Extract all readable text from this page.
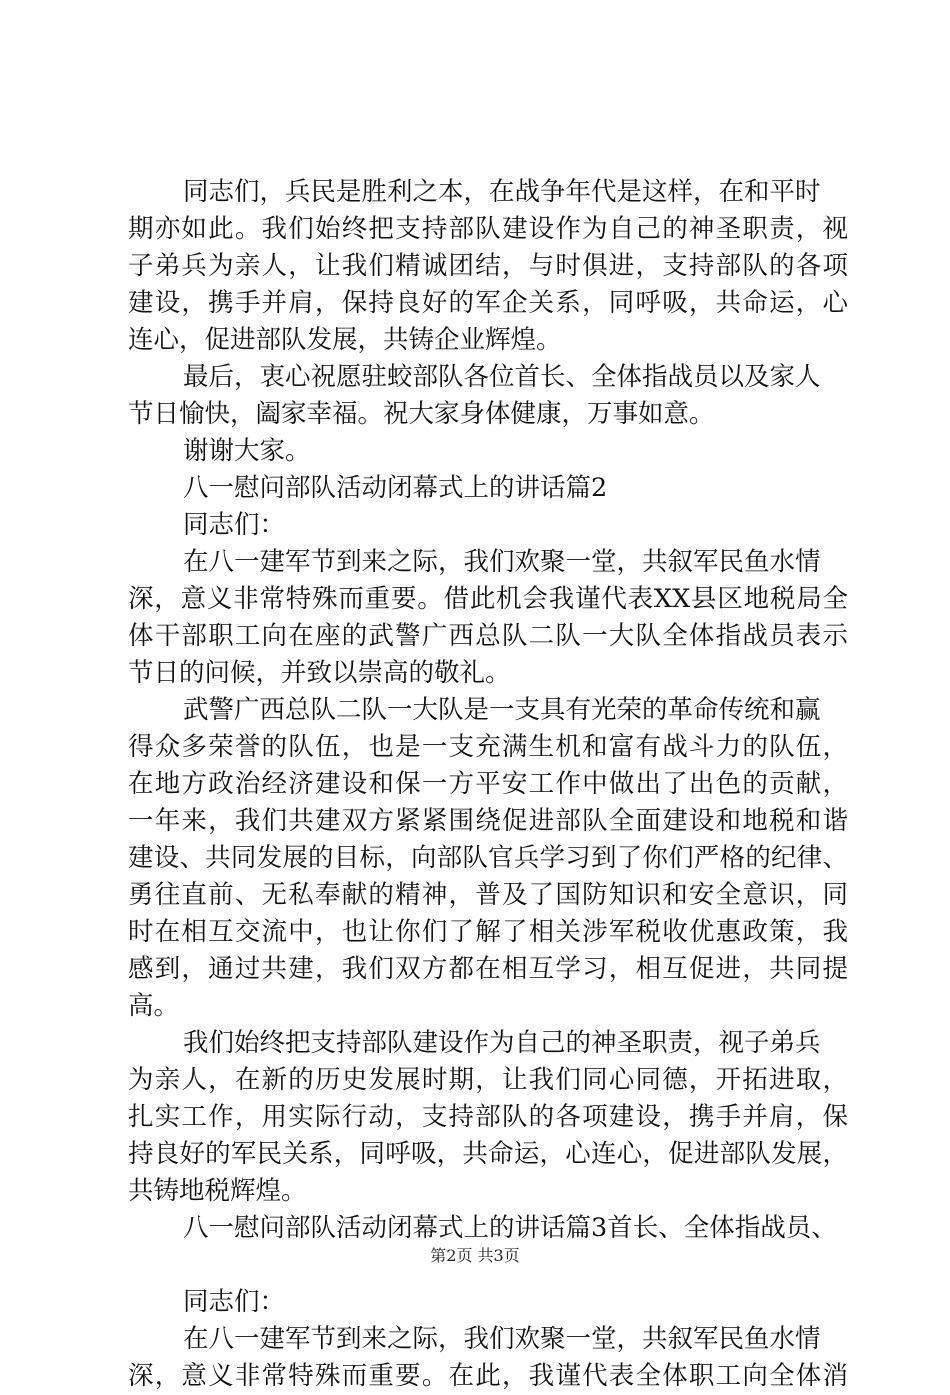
同志们，兵民是胜利之本，在战争年代是这样，在和平时
期亦如此。我们始终把支持部队建设作为自己的神圣职责，视
子弟兵为亲人，让我们精诚团结，与时俱进，支持部队的各项
建设，携手并肩，保持良好的军企关系，同呼吸，共命运，心
连心，促进部队发展，共铸企业辉煌。
最后，衷心祝愿驻蛟部队各位首长、全体指战员以及家人
节日愉快，阖家幸福。祝大家身体健康，万事如意。
谢谢大家。
八一慰问部队活动闭幕式上的讲话篇2
同志们：
在八一建军节到来之际，我们欢聚一堂，共叙军民鱼水情
深，意义非常特殊而重要。借此机会我谨代表XX县区地税局全
体干部职工向在座的武警广西总队二队一大队全体指战员表示
节日的问候，并致以崇高的敬礼。
武警广西总队二队一大队是一支具有光荣的革命传统和赢
得众多荣誉的队伍，也是一支充满生机和富有战斗力的队伍，
在地方政治经济建设和保一方平安工作中做出了出色的贡献，
一年来，我们共建双方紧紧围绕促进部队全面建设和地税和谐
建设、共同发展的目标，向部队官兵学习到了你们严格的纪律、
勇往直前、无私奉献的精神，普及了国防知识和安全意识，同
时在相互交流中，也让你们了解了相关涉军税收优惠政策，我
感到，通过共建，我们双方都在相互学习，相互促进，共同提
高。
我们始终把支持部队建设作为自己的神圣职责，视子弟兵
为亲人，在新的历史发展时期，让我们同心同德，开拓进取，
扎实工作，用实际行动，支持部队的各项建设，携手并肩，保
持良好的军民关系，同呼吸，共命运，心连心，促进部队发展，
共铸地税辉煌。
八一慰问部队活动闭幕式上的讲话篇3首长、全体指战员、
同志们：
在八一建军节到来之际，我们欢聚一堂，共叙军民鱼水情
深，意义非常特殊而重要。在此，我谨代表全体职工向全体消
第2页 共3页
